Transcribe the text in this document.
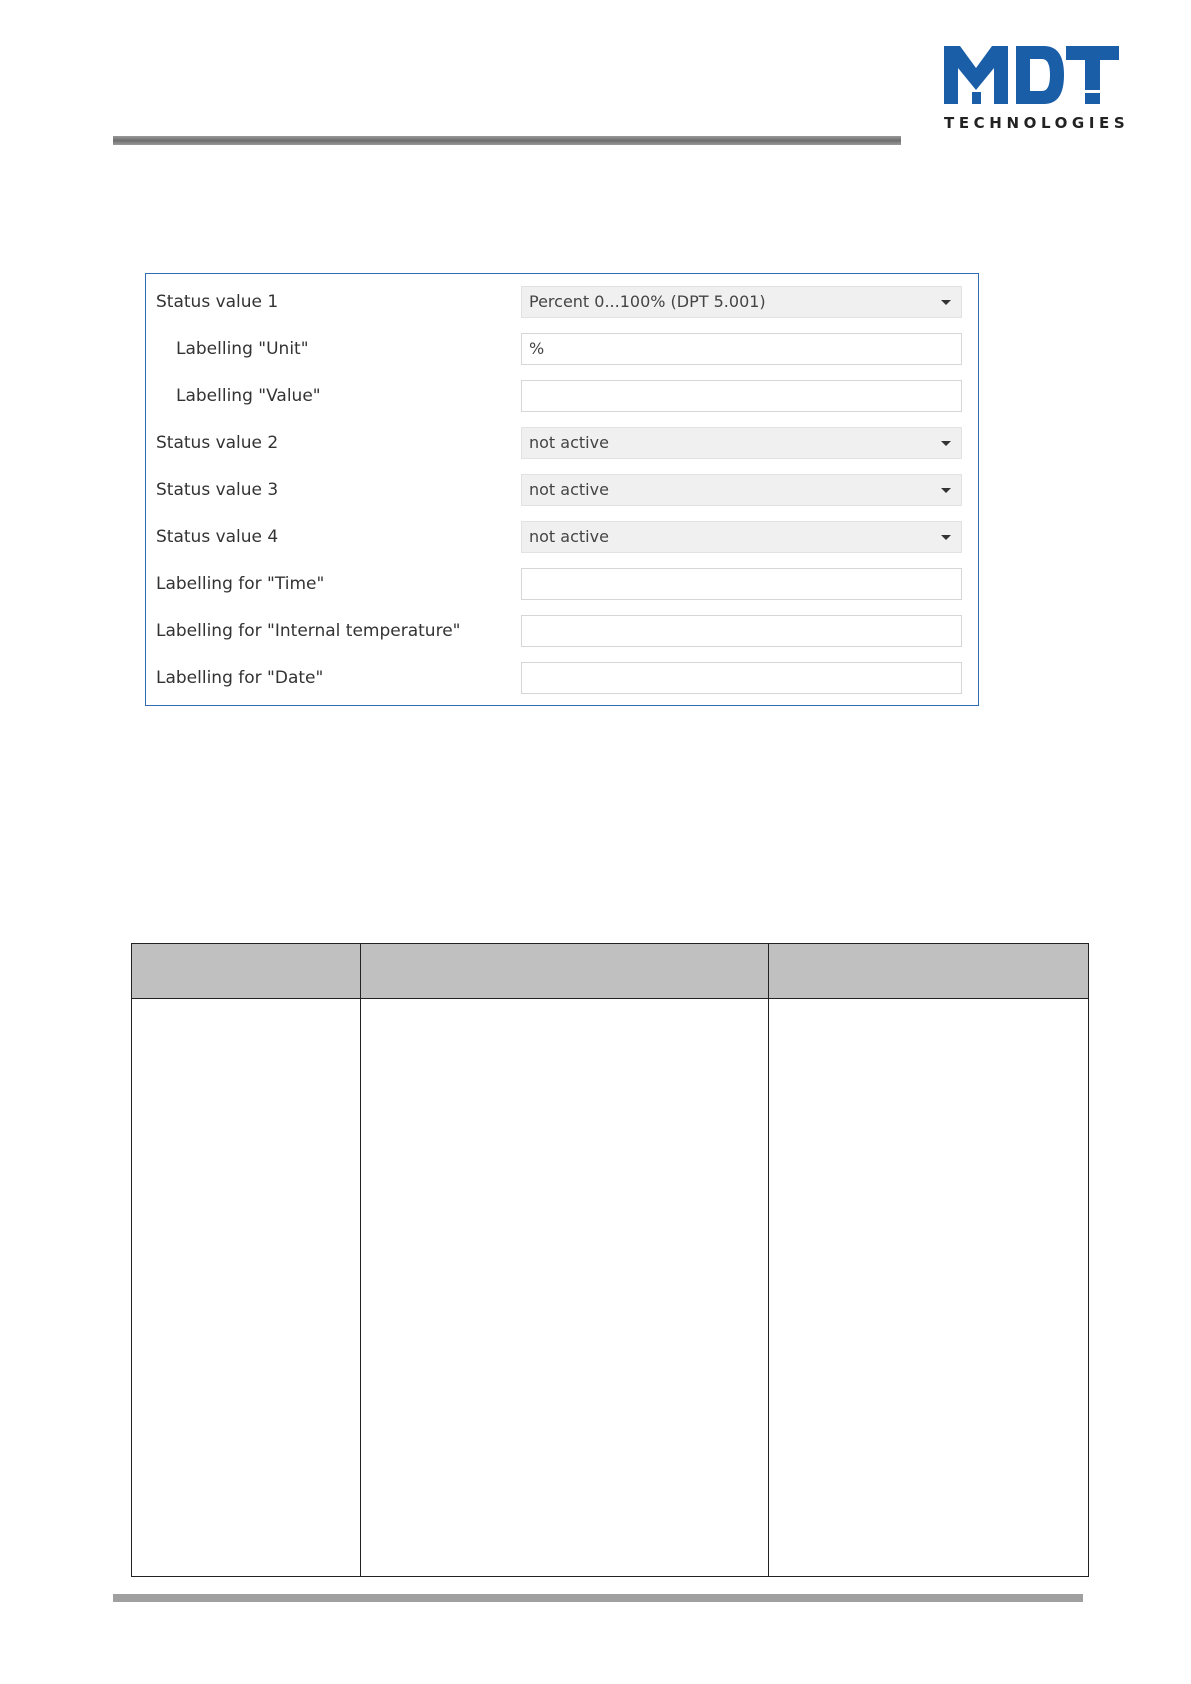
TECHNOLOGIES
Status value 1	Percent 0...100% (DPT 5.001)
Labelling "Unit"	%
Labelling "Value"
Status value 2	not active
Status value 3	not active
Status value 4	not active
Labelling for "Time"
Labelling for "Internal temperature"
Labelling for "Date"
